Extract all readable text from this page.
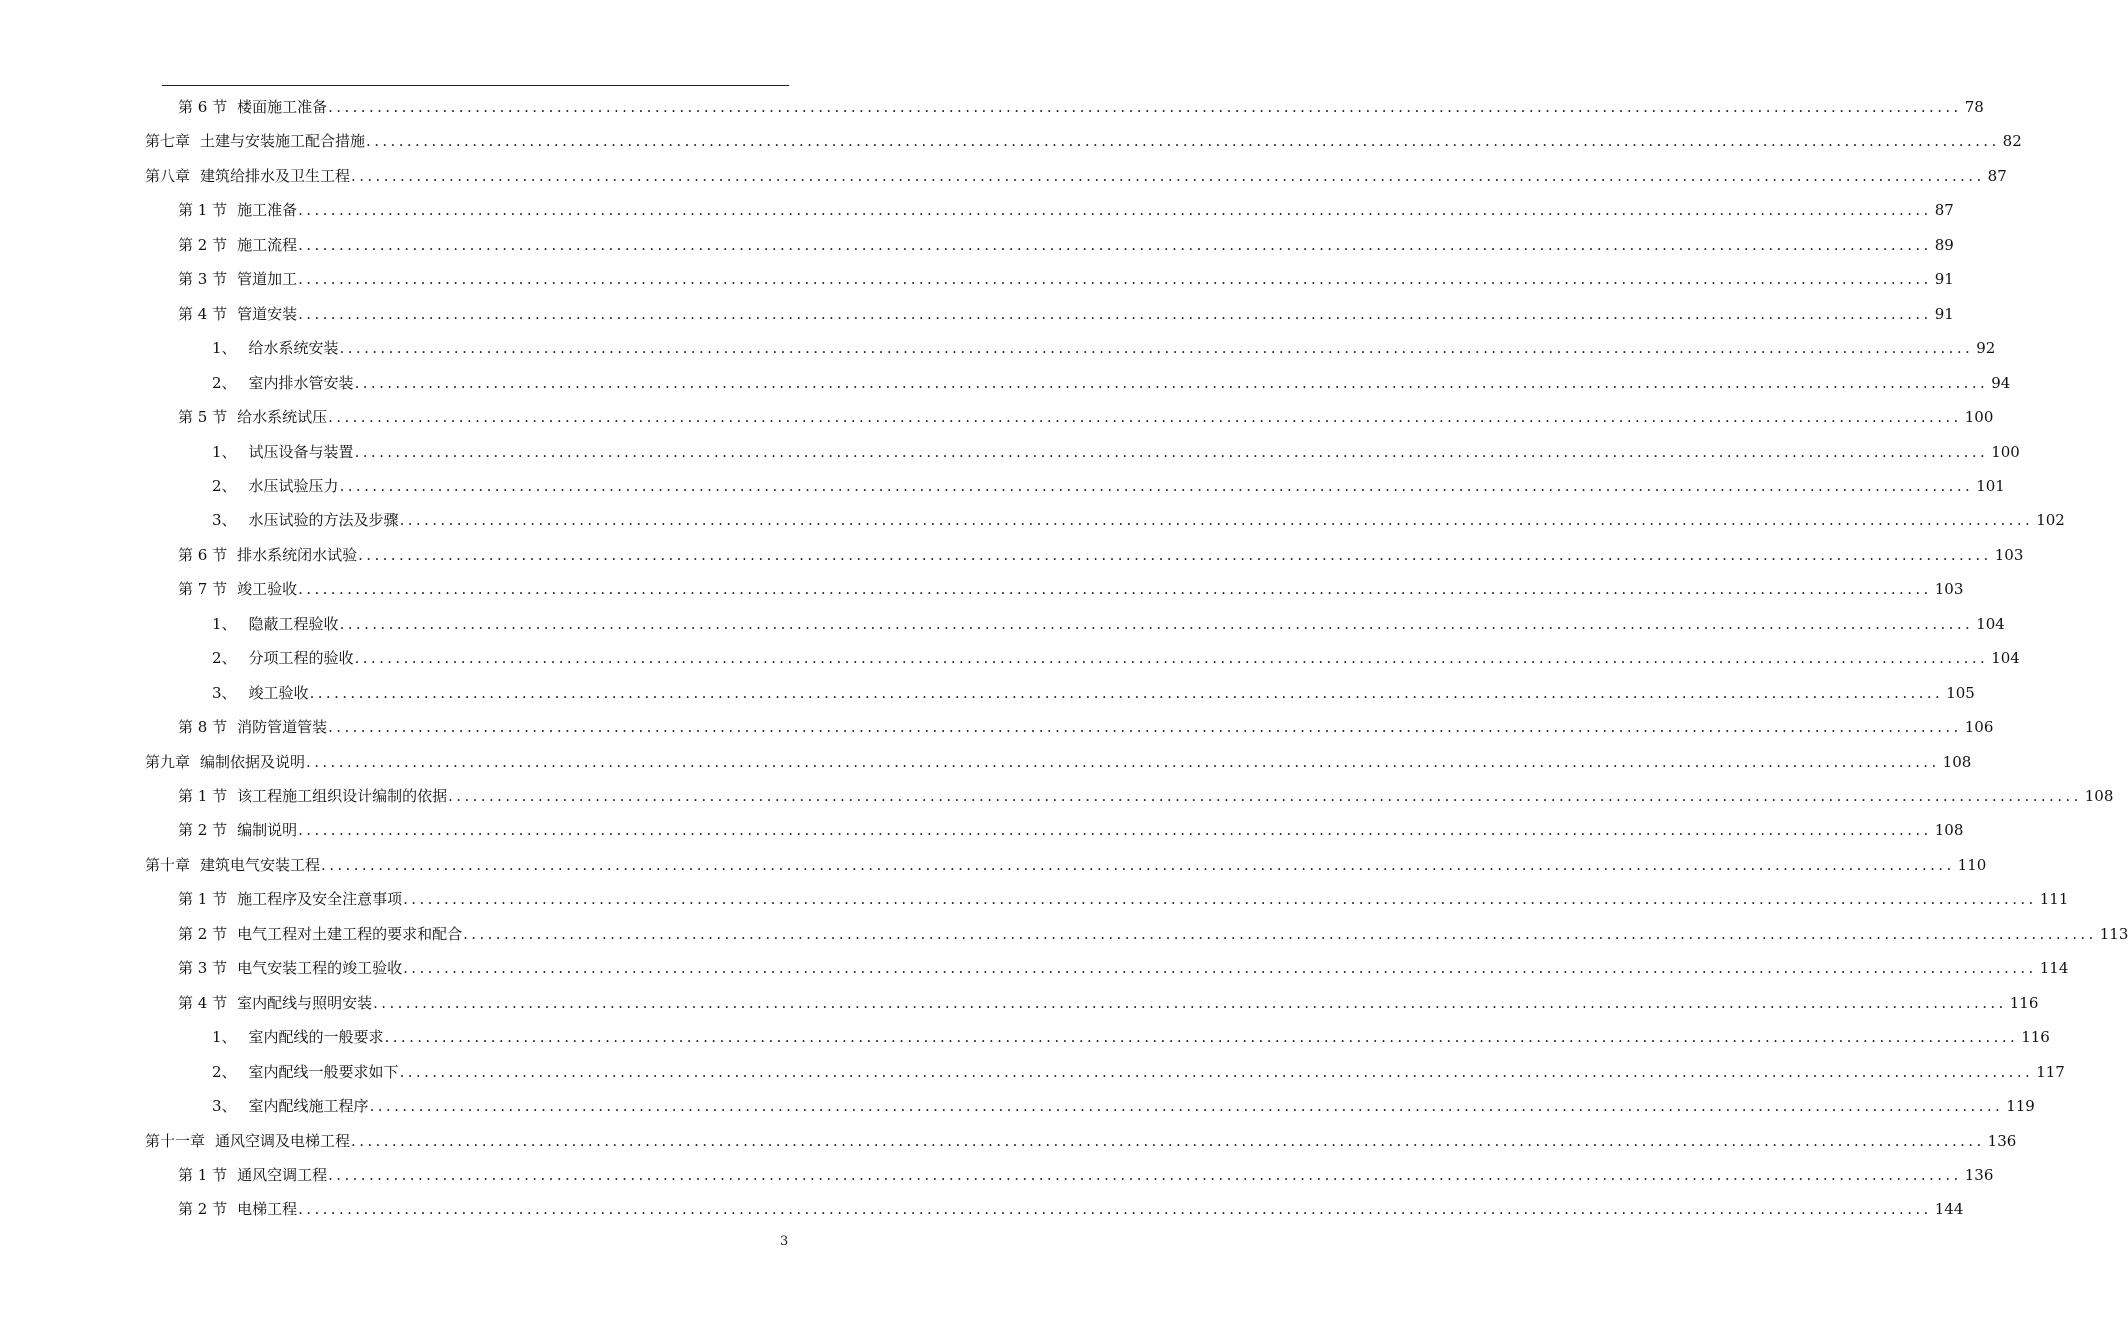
第 6 节 楼面施工准备 ........................................................................................................................................................................................................ 78
第七章 土建与安装施工配合措施 ........................................................................................................................................................................................................ 82
第八章 建筑给排水及卫生工程 ........................................................................................................................................................................................................ 87
第 1 节 施工准备 ........................................................................................................................................................................................................ 87
第 2 节 施工流程 ........................................................................................................................................................................................................ 89
第 3 节 管道加工 ........................................................................................................................................................................................................ 91
第 4 节 管道安装 ........................................................................................................................................................................................................ 91
1、 给水系统安装 ........................................................................................................................................................................................................ 92
2、 室内排水管安装 ........................................................................................................................................................................................................ 94
第 5 节 给水系统试压 ........................................................................................................................................................................................................ 100
1、 试压设备与装置 ........................................................................................................................................................................................................ 100
2、 水压试验压力 ........................................................................................................................................................................................................ 101
3、 水压试验的方法及步骤 ........................................................................................................................................................................................................ 102
第 6 节 排水系统闭水试验 ........................................................................................................................................................................................................ 103
第 7 节 竣工验收 ........................................................................................................................................................................................................ 103
1、 隐蔽工程验收 ........................................................................................................................................................................................................ 104
2、 分项工程的验收 ........................................................................................................................................................................................................ 104
3、 竣工验收 ........................................................................................................................................................................................................ 105
第 8 节 消防管道管装 ........................................................................................................................................................................................................ 106
第九章 编制依据及说明 ........................................................................................................................................................................................................ 108
第 1 节 该工程施工组织设计编制的依据 ........................................................................................................................................................................................................ 108
第 2 节 编制说明 ........................................................................................................................................................................................................ 108
第十章 建筑电气安装工程 ........................................................................................................................................................................................................ 110
第 1 节 施工程序及安全注意事项 ........................................................................................................................................................................................................ 111
第 2 节 电气工程对土建工程的要求和配合 ........................................................................................................................................................................................................ 113
第 3 节 电气安装工程的竣工验收 ........................................................................................................................................................................................................ 114
第 4 节 室内配线与照明安装 ........................................................................................................................................................................................................ 116
1、 室内配线的一般要求 ........................................................................................................................................................................................................ 116
2、 室内配线一般要求如下 ........................................................................................................................................................................................................ 117
3、 室内配线施工程序 ........................................................................................................................................................................................................ 119
第十一章 通风空调及电梯工程 ........................................................................................................................................................................................................ 136
第 1 节 通风空调工程 ........................................................................................................................................................................................................ 136
第 2 节 电梯工程 ........................................................................................................................................................................................................ 144
3
